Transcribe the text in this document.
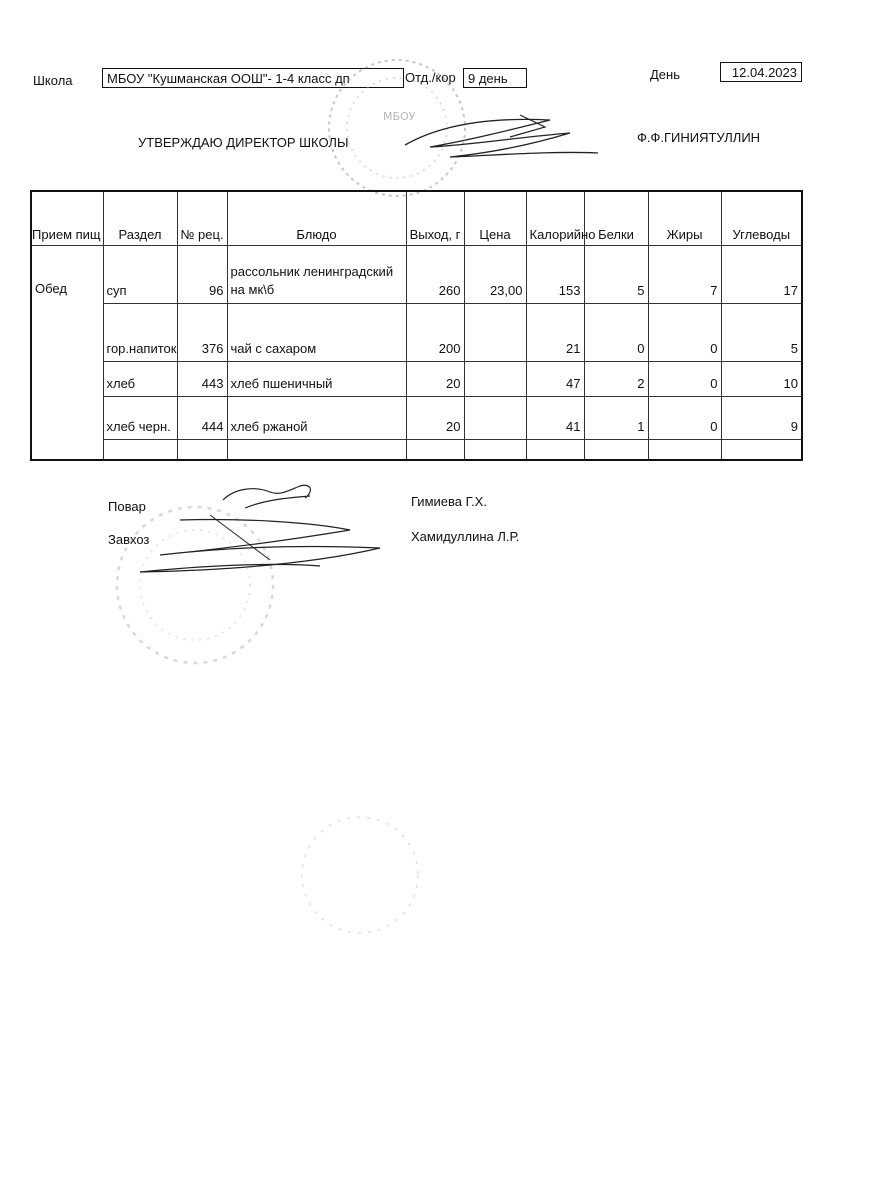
Школа	МБОУ "Кушманская ООШ"- 1-4 класс дп	Отд./кор 9 день	День	12.04.2023
УТВЕРЖДАЮ ДИРЕКТОР ШКОЛЫ	Ф.Ф.ГИНИЯТУЛЛИН
МБОУ
Прием пищ	Раздел	№ рец.	Блюдо	Выход, г	Цена	Калорийно	Белки	Жиры	Углеводы
Обед	суп	96	рассольник ленинградский на мк\б	260	23,00	153	5	7	17
	гор.напиток	376	чай с сахаром	200		21	0	0	5
	хлеб	443	хлеб пшеничный	20		47	2	0	10
	хлеб черн.	444	хлеб ржаной	20		41	1	0	9

Повар	Гимиева Г.Х.
Завхоз	Хамидуллина Л.Р.
